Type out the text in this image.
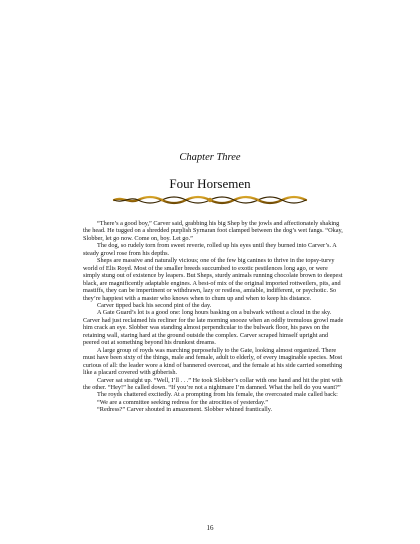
Chapter Three
Four Horsemen

“There’s a good boy,” Carver said, grabbing his big Shep by the jowls and affectionately shaking the head. He tugged on a shredded purplish Syrnaran foot clamped between the dog’s wet fangs. “Okay, Slobber, let go now. Come on, boy. Let go.”

The dog, so rudely torn from sweet reverie, rolled up his eyes until they burned into Carver’s. A steady growl rose from his depths.

Sheps are massive and naturally vicious; one of the few big canines to thrive in the topsy-turvy world of Elis Royd. Most of the smaller breeds succumbed to exotic pestilences long ago, or were simply stung out of existence by leapers. But Sheps, sturdy animals running chocolate brown to deepest black, are magnificently adaptable engines. A best-of mix of the original imported rottweilers, pits, and mastiffs, they can be impertinent or withdrawn, lazy or restless, amiable, indifferent, or psychotic. So they’re happiest with a master who knows when to chum up and when to keep his distance.

Carver tipped back his second pint of the day.

A Gate Guard’s lot is a good one: long hours basking on a bulwark without a cloud in the sky. Carver had just reclaimed his recliner for the late morning snooze when an oddly tremulous growl made him crack an eye. Slobber was standing almost perpendicular to the bulwark floor, his paws on the retaining wall, staring hard at the ground outside the complex. Carver scraped himself upright and peered out at something beyond his drunkest dreams.

A large group of royds was marching purposefully to the Gate, looking almost organized. There must have been sixty of the things, male and female, adult to elderly, of every imaginable species. Most curious of all: the leader wore a kind of bannered overcoat, and the female at his side carried something like a placard covered with gibberish.

Carver sat straight up. “Well, I’ll . . .” He took Slobber’s collar with one hand and hit the pint with the other. “Hey!” he called down. “If you’re not a nightmare I’m damned. What the hell do you want?”

The royds chattered excitedly. At a prompting from his female, the overcoated male called back:

“We are a committee seeking redress for the atrocities of yesterday.”

“Redress?” Carver shouted in amazement. Slobber whined frantically.

16
